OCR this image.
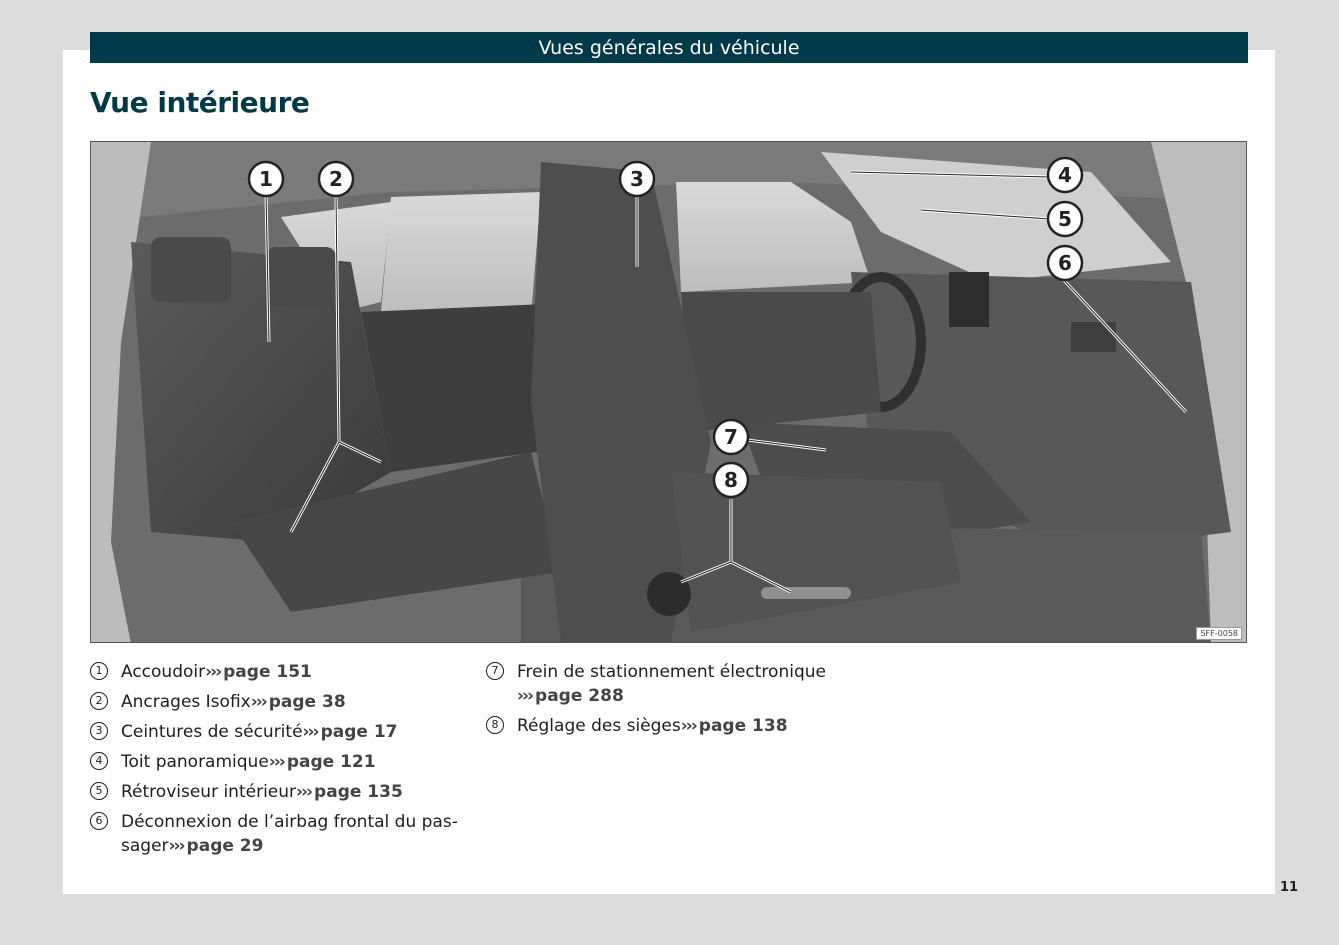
Vues générales du véhicule
Vue intérieure
1	2	3	4
5
6
7
8
SFF-0058
1	Accoudoir››› page 151
2	Ancrages Isofix››› page 38
3	Ceintures de sécurité››› page 17
4	Toit panoramique››› page 121
5	Rétroviseur intérieur››› page 135
6	Déconnexion de l’airbag frontal du pas-
sager››› page 29
7	Frein de stationnement électronique
››› page 288
8	Réglage des sièges››› page 138
11
